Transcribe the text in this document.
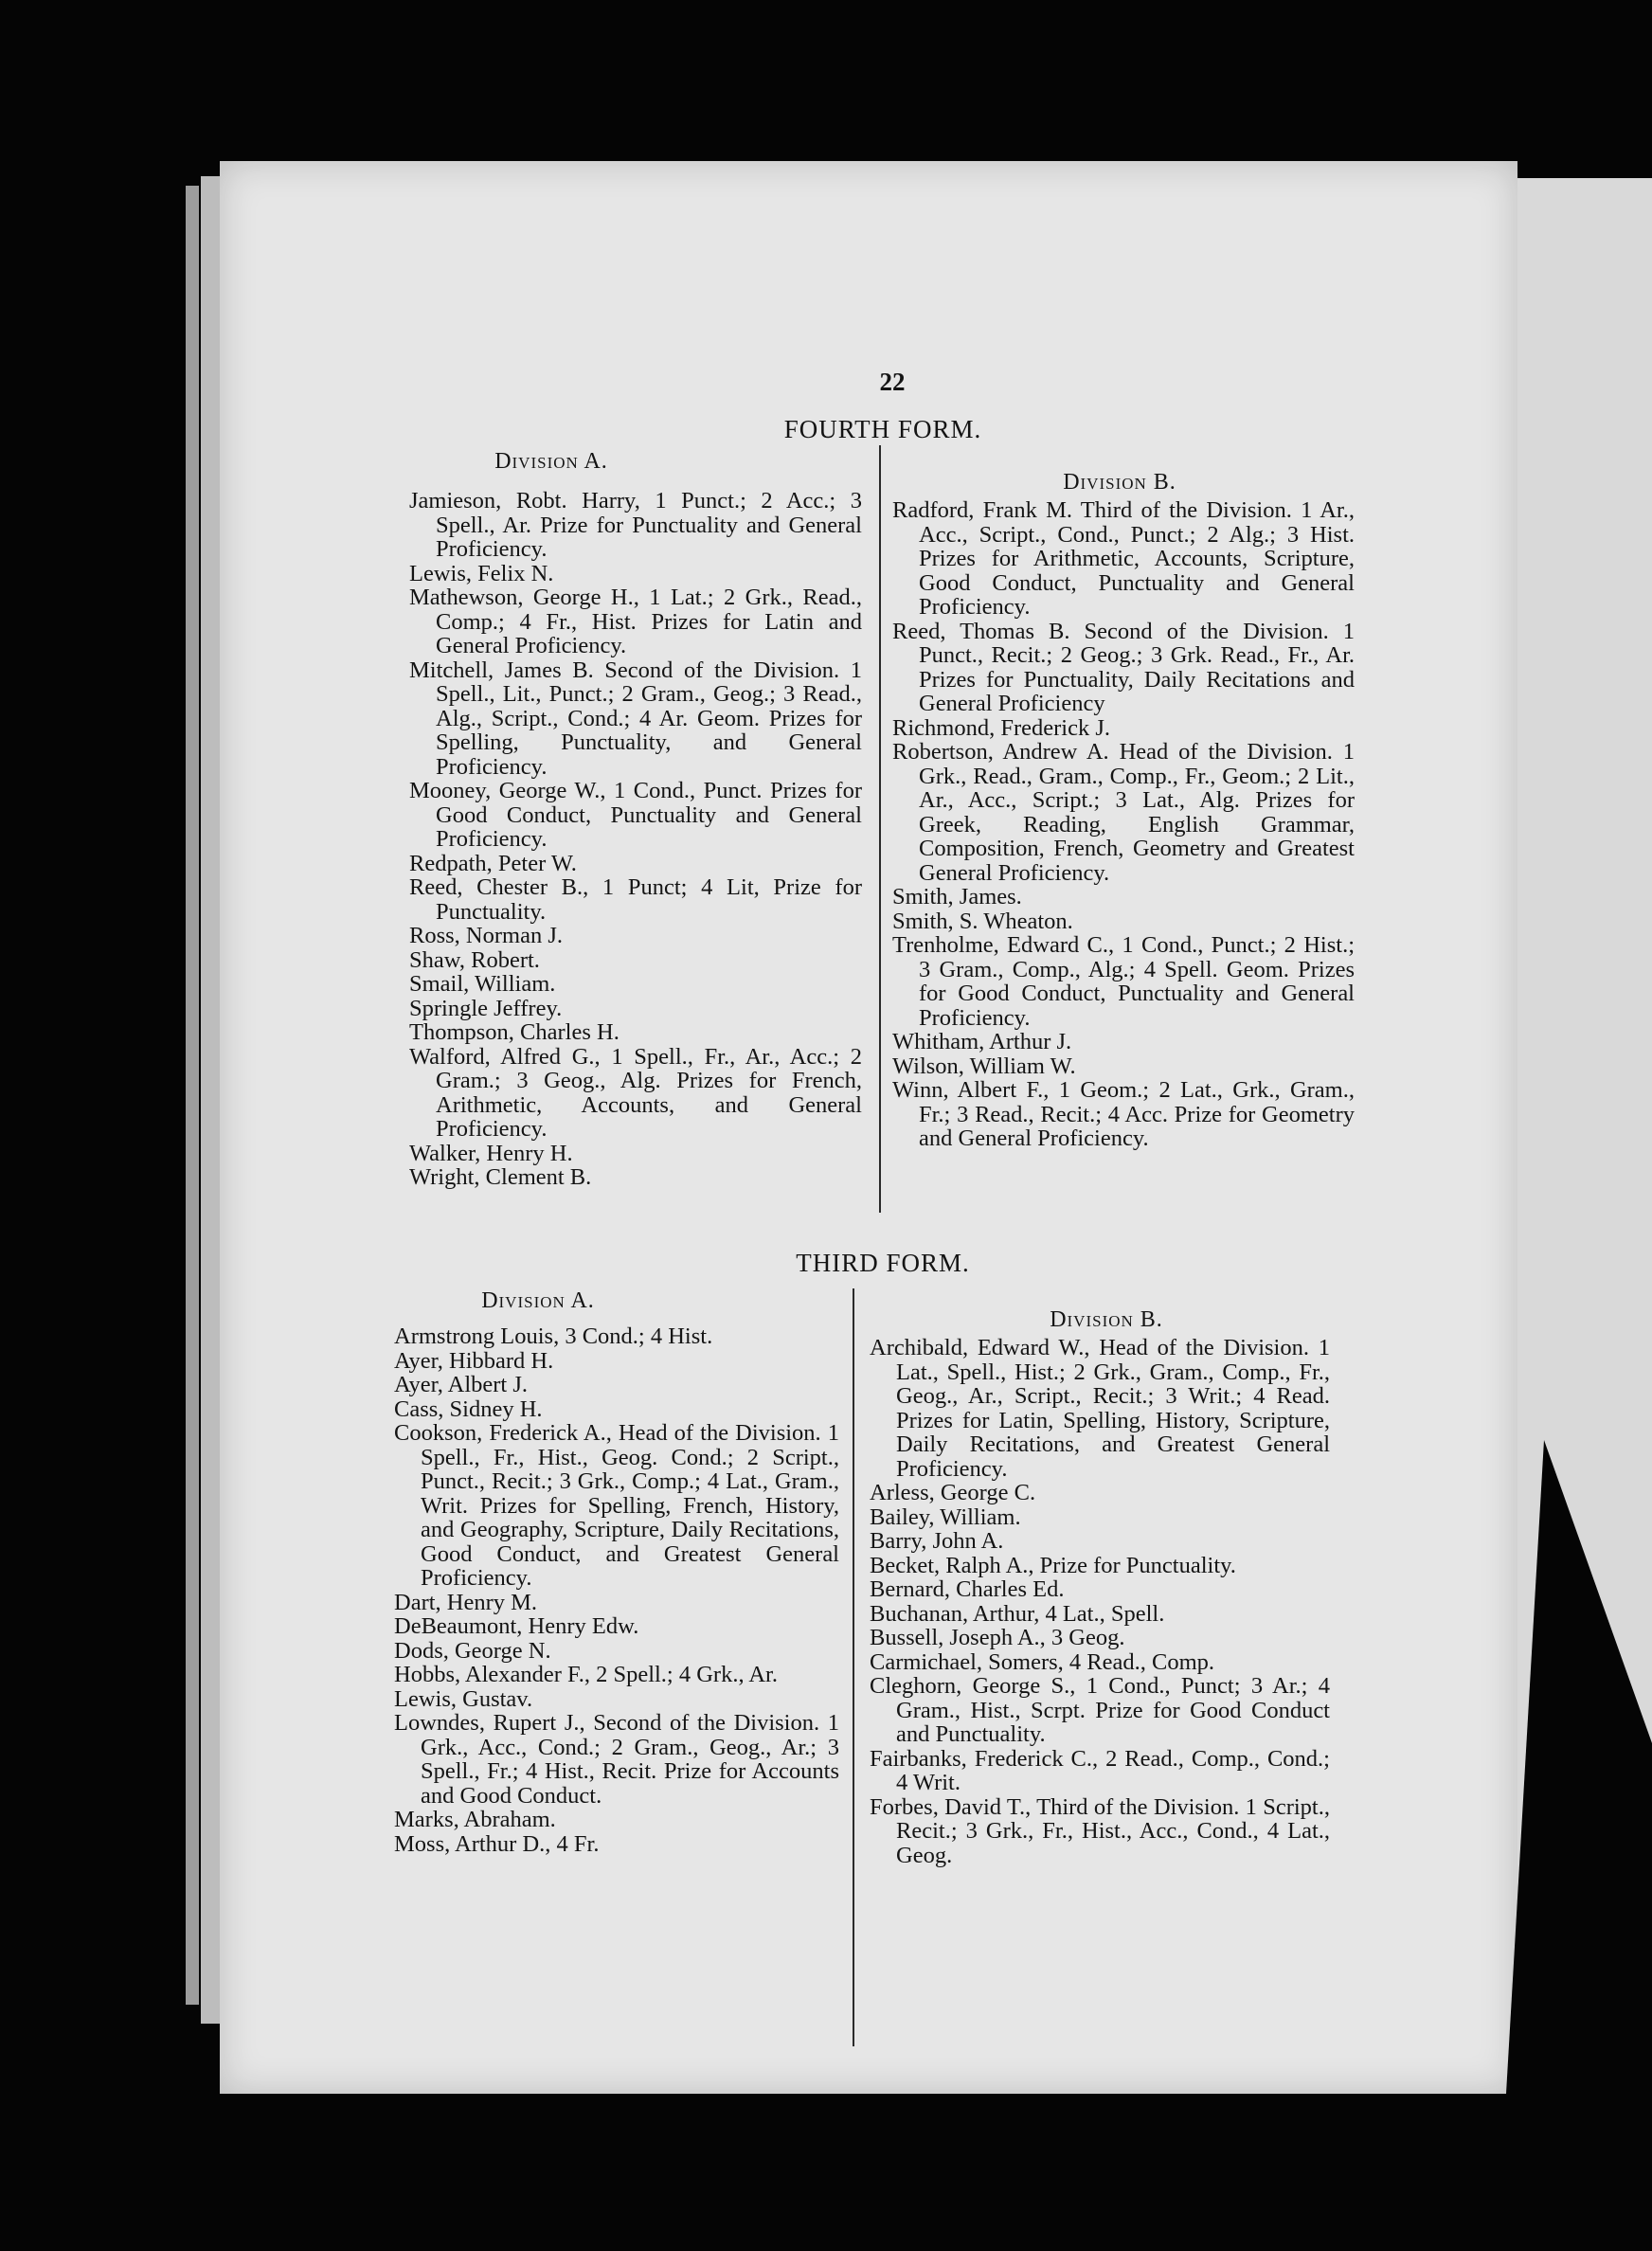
22
FOURTH FORM.
Division A.
Division B.
Jamieson, Robt. Harry, 1 Punct.; 2 Acc.; 3 Spell., Ar. Prize for Punctuality and General Proficiency.
Lewis, Felix N.
Mathewson, George H., 1 Lat.; 2 Grk., Read., Comp.; 4 Fr., Hist. Prizes for Latin and General Proficiency.
Mitchell, James B. Second of the Division. 1 Spell., Lit., Punct.; 2 Gram., Geog.; 3 Read., Alg., Script., Cond.; 4 Ar. Geom. Prizes for Spelling, Punctuality, and General Proficiency.
Mooney, George W., 1 Cond., Punct. Prizes for Good Conduct, Punctuality and General Proficiency.
Redpath, Peter W.
Reed, Chester B., 1 Punct; 4 Lit, Prize for Punctuality.
Ross, Norman J.
Shaw, Robert.
Smail, William.
Springle Jeffrey.
Thompson, Charles H.
Walford, Alfred G., 1 Spell., Fr., Ar., Acc.; 2 Gram.; 3 Geog., Alg. Prizes for French, Arithmetic, Accounts, and General Proficiency.
Walker, Henry H.
Wright, Clement B.
Radford, Frank M. Third of the Division. 1 Ar., Acc., Script., Cond., Punct.; 2 Alg.; 3 Hist. Prizes for Arithmetic, Accounts, Scripture, Good Conduct, Punctuality and General Proficiency.
Reed, Thomas B. Second of the Division. 1 Punct., Recit.; 2 Geog.; 3 Grk. Read., Fr., Ar. Prizes for Punctuality, Daily Recitations and General Proficiency
Richmond, Frederick J.
Robertson, Andrew A. Head of the Division. 1 Grk., Read., Gram., Comp., Fr., Geom.; 2 Lit., Ar., Acc., Script.; 3 Lat., Alg. Prizes for Greek, Reading, English Grammar, Composition, French, Geometry and Greatest General Proficiency.
Smith, James.
Smith, S. Wheaton.
Trenholme, Edward C., 1 Cond., Punct.; 2 Hist.; 3 Gram., Comp., Alg.; 4 Spell. Geom. Prizes for Good Conduct, Punctuality and General Proficiency.
Whitham, Arthur J.
Wilson, William W.
Winn, Albert F., 1 Geom.; 2 Lat., Grk., Gram., Fr.; 3 Read., Recit.; 4 Acc. Prize for Geometry and General Proficiency.
THIRD FORM.
Division A.
Division B.
Armstrong Louis, 3 Cond.; 4 Hist.
Ayer, Hibbard H.
Ayer, Albert J.
Cass, Sidney H.
Cookson, Frederick A., Head of the Division. 1 Spell., Fr., Hist., Geog. Cond.; 2 Script., Punct., Recit.; 3 Grk., Comp.; 4 Lat., Gram., Writ. Prizes for Spelling, French, History, and Geography, Scripture, Daily Recitations, Good Conduct, and Greatest General Proficiency.
Dart, Henry M.
DeBeaumont, Henry Edw.
Dods, George N.
Hobbs, Alexander F., 2 Spell.; 4 Grk., Ar.
Lewis, Gustav.
Lowndes, Rupert J., Second of the Division. 1 Grk., Acc., Cond.; 2 Gram., Geog., Ar.; 3 Spell., Fr.; 4 Hist., Recit. Prize for Accounts and Good Conduct.
Marks, Abraham.
Moss, Arthur D., 4 Fr.
Archibald, Edward W., Head of the Division. 1 Lat., Spell., Hist.; 2 Grk., Gram., Comp., Fr., Geog., Ar., Script., Recit.; 3 Writ.; 4 Read. Prizes for Latin, Spelling, History, Scripture, Daily Recitations, and Greatest General Proficiency.
Arless, George C.
Bailey, William.
Barry, John A.
Becket, Ralph A., Prize for Punctuality.
Bernard, Charles Ed.
Buchanan, Arthur, 4 Lat., Spell.
Bussell, Joseph A., 3 Geog.
Carmichael, Somers, 4 Read., Comp.
Cleghorn, George S., 1 Cond., Punct; 3 Ar.; 4 Gram., Hist., Scrpt. Prize for Good Conduct and Punctuality.
Fairbanks, Frederick C., 2 Read., Comp., Cond.; 4 Writ.
Forbes, David T., Third of the Division. 1 Script., Recit.; 3 Grk., Fr., Hist., Acc., Cond., 4 Lat., Geog.
